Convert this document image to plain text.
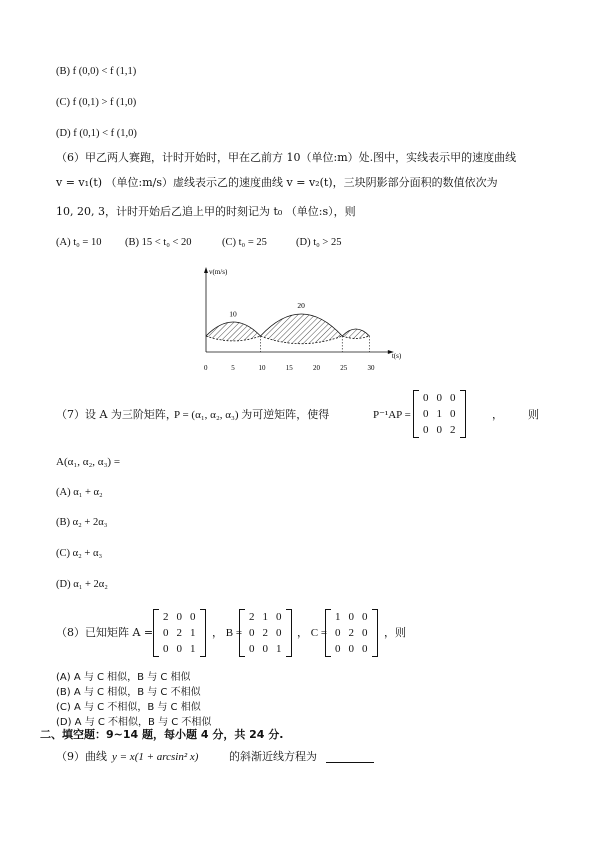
(B) f (0,0) < f (1,1)
(C) f (0,1) > f (1,0)
(D) f (0,1) < f (1,0)
（6）甲乙两人赛跑，计时开始时，甲在乙前方 10（单位:m）处.图中，实线表示甲的速度曲线
v = v₁(t) （单位:m/s）虚线表示乙的速度曲线 v = v₂(t)，三块阴影部分面积的数值依次为
10, 20, 3，计时开始后乙追上甲的时刻记为 t₀ （单位:s），则
(A) t₀ = 10 (B) 15 < t₀ < 20	(C) t₀ = 25	(D) t₀ > 25
v(m/s)
t(s)
0	5	10	15	20	25	30
10
20
（7）设 A 为三阶矩阵，
P = (α₁, α₂, α₃) 为可逆矩阵，使得	P⁻¹AP =
0	0	0
0	1	0
0	0	2
， 则
A(α₁, α₂, α₃) =
(A) α₁ + α₂
(B) α₂ + 2α₃
(C) α₂ + α₃
(D) α₁ + 2α₂
（8）已知矩阵 A =
2	0	0
0	2	1
0	0	1
， B =
2	1	0
0	2	0
0	0	1
， C =
1	0	0
0	2	0
0	0	0
，则
(A) A 与 C 相似，B 与 C 相似
(B) A 与 C 相似，B 与 C 不相似
(C) A 与 C 不相似，B 与 C 相似
(D) A 与 C 不相似，B 与 C 不相似
二、填空题：9~14 题，每小题 4 分，共 24 分.
（9）曲线 y = x(1 + arcsin² x)	的斜渐近线方程为
